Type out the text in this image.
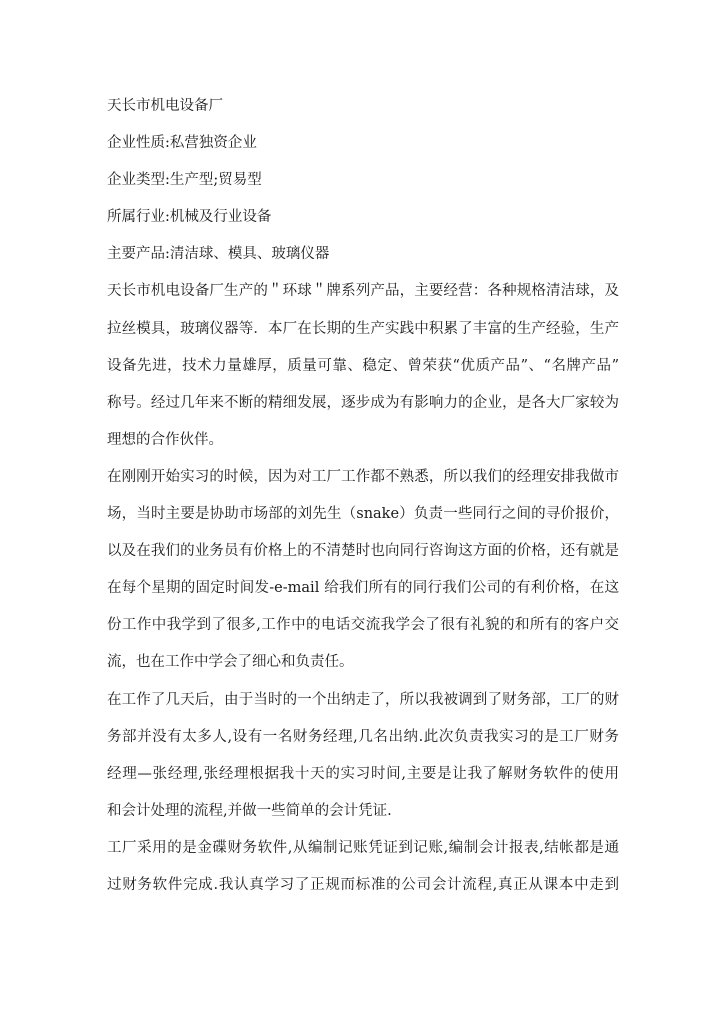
天长市机电设备厂
企业性质:私营独资企业
企业类型:生产型;贸易型
所属行业:机械及行业设备
主要产品:清洁球、模具、玻璃仪器
天长市机电设备厂生产的＂环球＂牌系列产品，主要经营：各种规格清洁球，及
拉丝模具，玻璃仪器等．本厂在长期的生产实践中积累了丰富的生产经验，生产
设备先进，技术力量雄厚，质量可靠、稳定、曾荣获“优质产品”、“名牌产品”
称号。经过几年来不断的精细发展，逐步成为有影响力的企业，是各大厂家较为
理想的合作伙伴。
在刚刚开始实习的时候，因为对工厂工作都不熟悉，所以我们的经理安排我做市
场，当时主要是协助市场部的刘先生（snake）负责一些同行之间的寻价报价，
以及在我们的业务员有价格上的不清楚时也向同行咨询这方面的价格，还有就是
在每个星期的固定时间发-e-mail 给我们所有的同行我们公司的有利价格，在这
份工作中我学到了很多,工作中的电话交流我学会了很有礼貌的和所有的客户交
流，也在工作中学会了细心和负责任。
在工作了几天后，由于当时的一个出纳走了，所以我被调到了财务部，工厂的财
务部并没有太多人,设有一名财务经理,几名出纳.此次负责我实习的是工厂财务
经理—张经理,张经理根据我十天的实习时间,主要是让我了解财务软件的使用
和会计处理的流程,并做一些简单的会计凭证.
工厂采用的是金碟财务软件,从编制记账凭证到记账,编制会计报表,结帐都是通
过财务软件完成.我认真学习了正规而标准的公司会计流程,真正从课本中走到
